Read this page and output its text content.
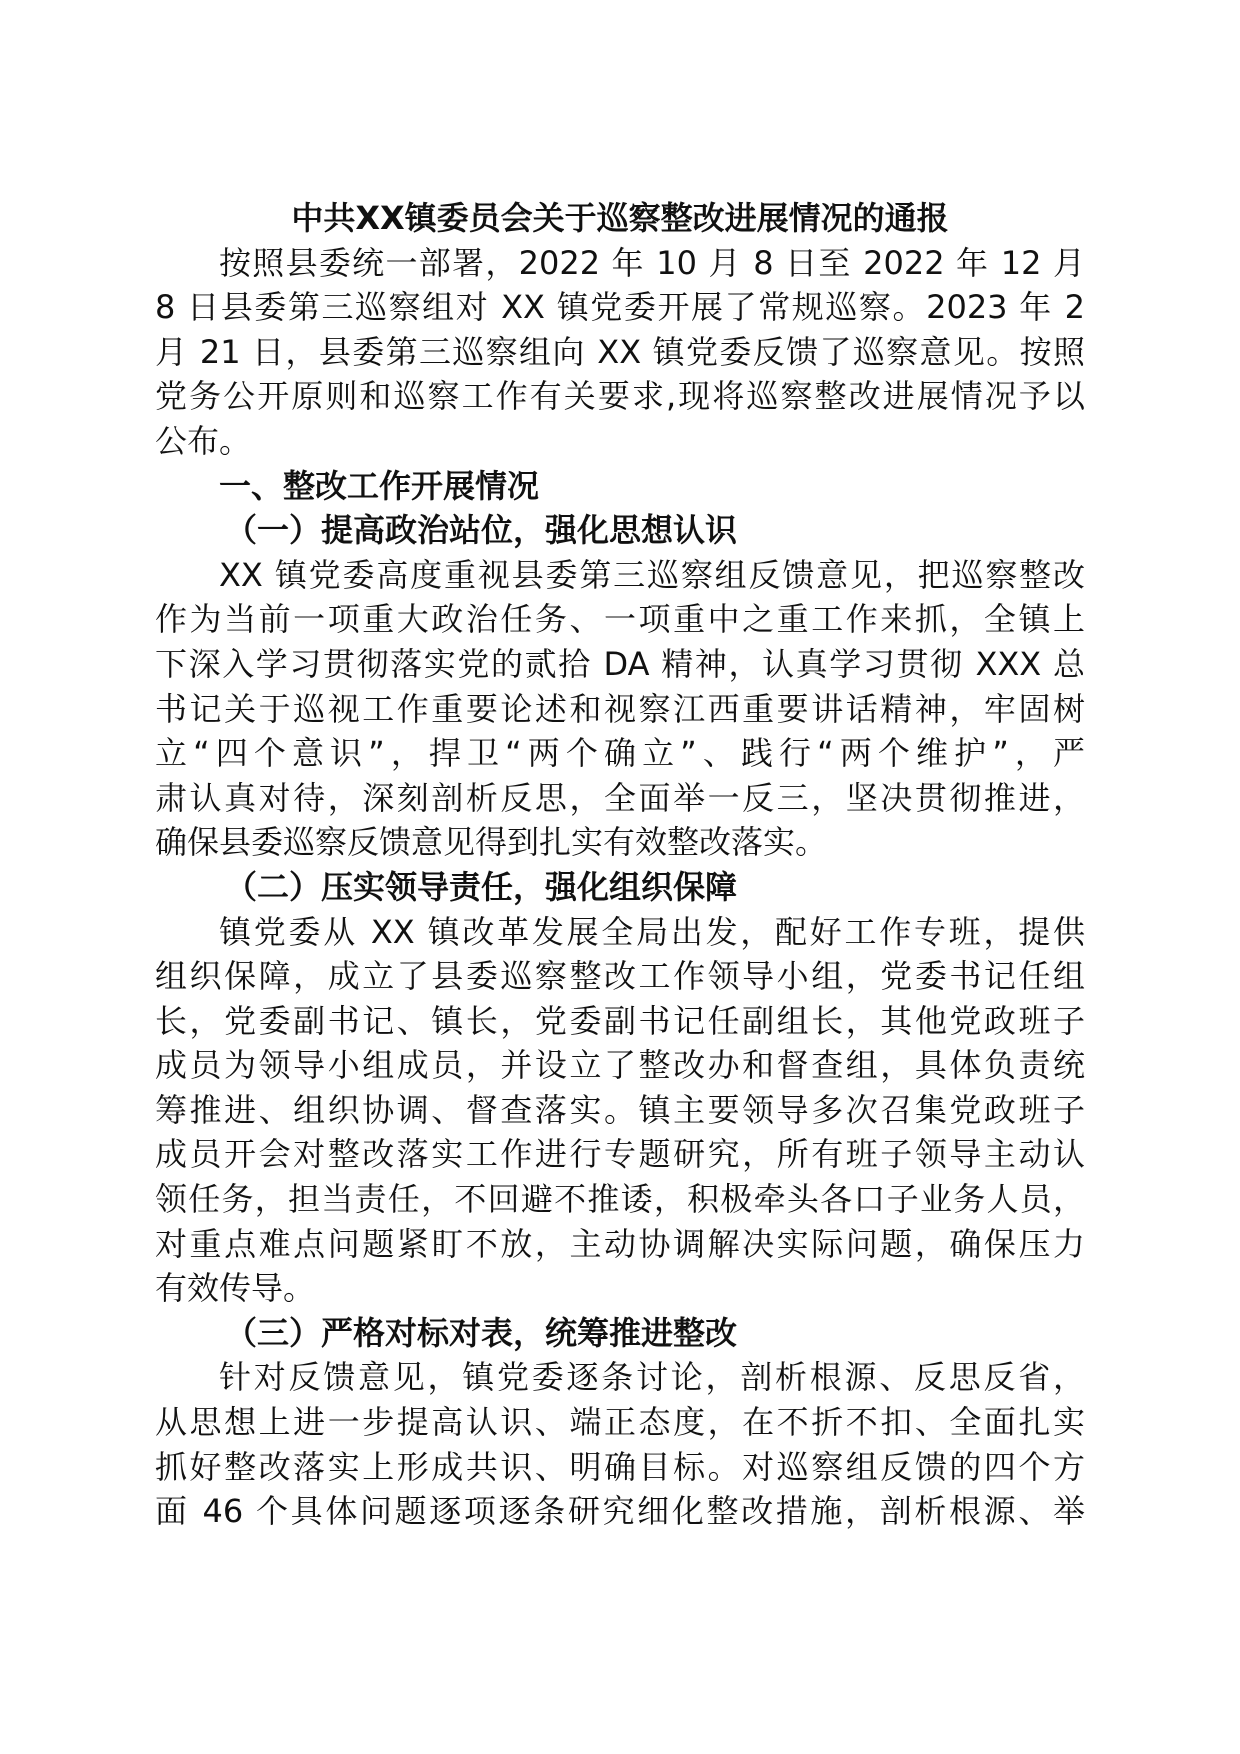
中共XX镇委员会关于巡察整改进展情况的通报
按照县委统一部署，2022 年 10 月 8 日至 2022 年 12 月
8 日县委第三巡察组对 XX 镇党委开展了常规巡察。2023 年 2
月 21 日，县委第三巡察组向 XX 镇党委反馈了巡察意见。按照
党务公开原则和巡察工作有关要求,现将巡察整改进展情况予以
公布。
一、整改工作开展情况
（一）提高政治站位，强化思想认识
XX 镇党委高度重视县委第三巡察组反馈意见，把巡察整改
作为当前一项重大政治任务、一项重中之重工作来抓，全镇上
下深入学习贯彻落实党的贰拾 DA 精神，认真学习贯彻 XXX 总
书记关于巡视工作重要论述和视察江西重要讲话精神，牢固树
立“四个意识”，捍卫“两个确立”、践行“两个维护”，严
肃认真对待，深刻剖析反思，全面举一反三，坚决贯彻推进，
确保县委巡察反馈意见得到扎实有效整改落实。
（二）压实领导责任，强化组织保障
镇党委从 XX 镇改革发展全局出发，配好工作专班，提供
组织保障，成立了县委巡察整改工作领导小组，党委书记任组
长，党委副书记、镇长，党委副书记任副组长，其他党政班子
成员为领导小组成员，并设立了整改办和督查组，具体负责统
筹推进、组织协调、督查落实。镇主要领导多次召集党政班子
成员开会对整改落实工作进行专题研究，所有班子领导主动认
领任务，担当责任，不回避不推诿，积极牵头各口子业务人员，
对重点难点问题紧盯不放，主动协调解决实际问题，确保压力
有效传导。
（三）严格对标对表，统筹推进整改
针对反馈意见，镇党委逐条讨论，剖析根源、反思反省，
从思想上进一步提高认识、端正态度，在不折不扣、全面扎实
抓好整改落实上形成共识、明确目标。对巡察组反馈的四个方
面 46 个具体问题逐项逐条研究细化整改措施，剖析根源、举
